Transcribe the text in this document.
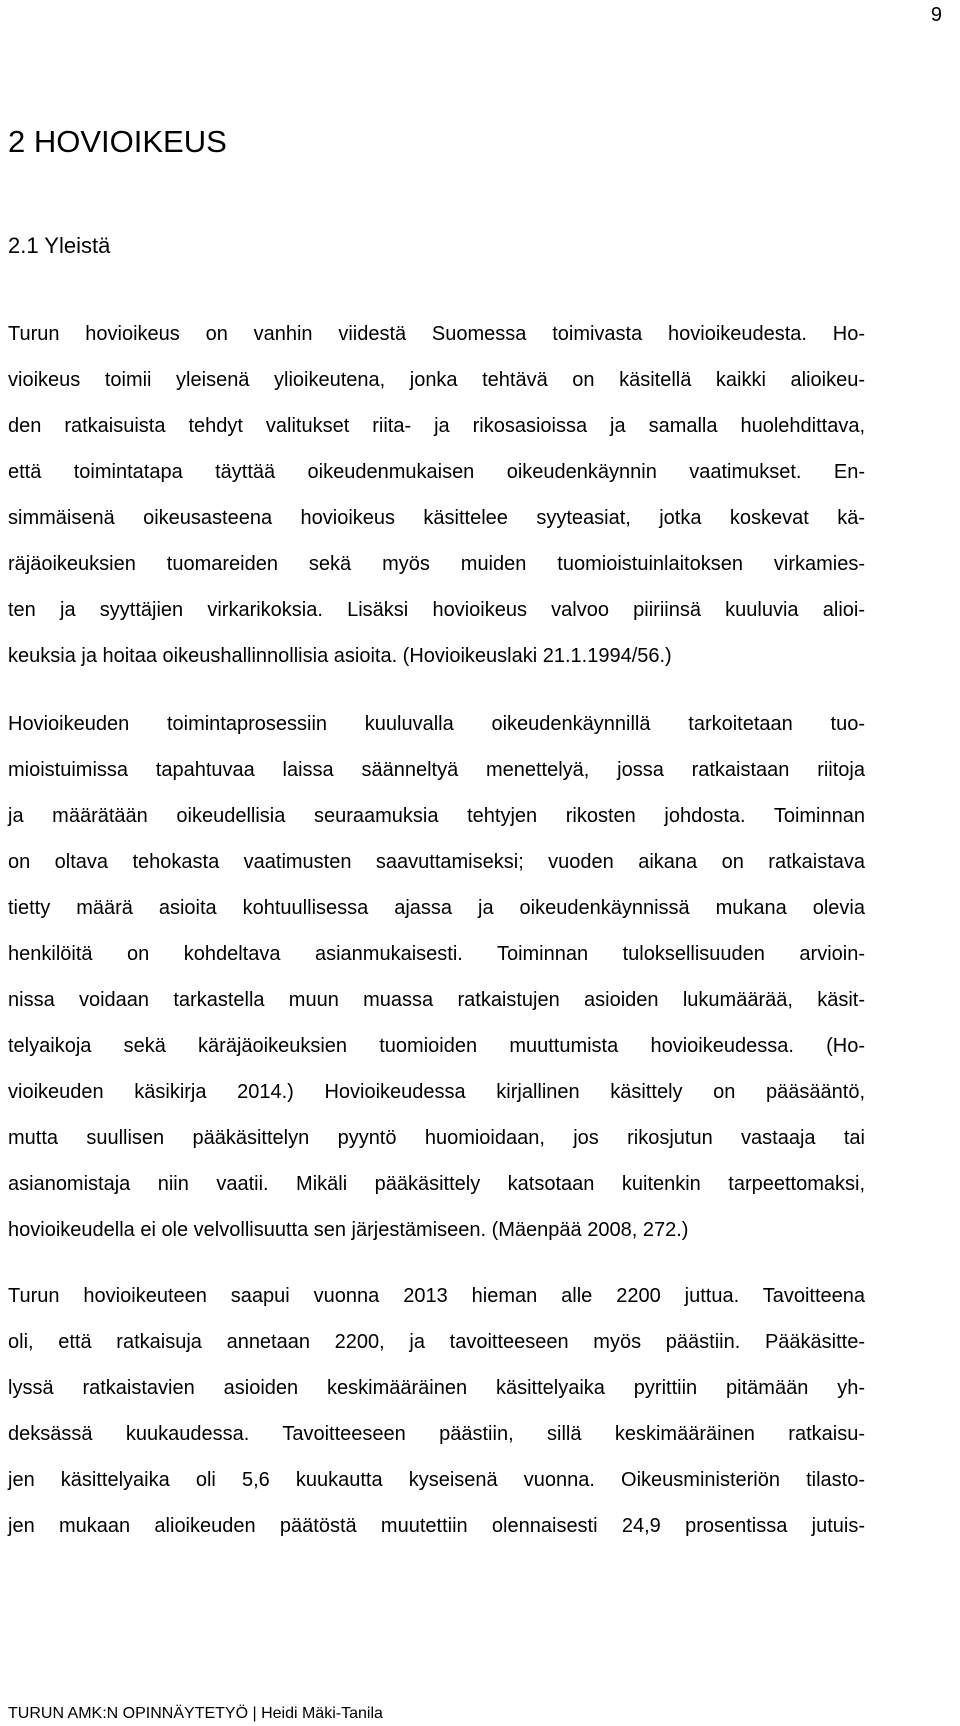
9
2 HOVIOIKEUS
2.1 Yleistä
Turun hovioikeus on vanhin viidestä Suomessa toimivasta hovioikeudesta. Ho-
vioikeus toimii yleisenä ylioikeutena, jonka tehtävä on käsitellä kaikki alioikeu-
den ratkaisuista tehdyt valitukset riita- ja rikosasioissa ja samalla huolehdittava,
että toimintatapa täyttää oikeudenmukaisen oikeudenkäynnin vaatimukset. En-
simmäisenä oikeusasteena hovioikeus käsittelee syyteasiat, jotka koskevat kä-
räjäoikeuksien tuomareiden sekä myös muiden tuomioistuinlaitoksen virkamies-
ten ja syyttäjien virkarikoksia. Lisäksi hovioikeus valvoo piiriinsä kuuluvia alioi-
keuksia ja hoitaa oikeushallinnollisia asioita. (Hovioikeuslaki 21.1.1994/56.)
Hovioikeuden toimintaprosessiin kuuluvalla oikeudenkäynnillä tarkoitetaan tuo-
mioistuimissa tapahtuvaa laissa säänneltyä menettelyä, jossa ratkaistaan riitoja
ja määrätään oikeudellisia seuraamuksia tehtyjen rikosten johdosta. Toiminnan
on oltava tehokasta vaatimusten saavuttamiseksi; vuoden aikana on ratkaistava
tietty määrä asioita kohtuullisessa ajassa ja oikeudenkäynnissä mukana olevia
henkilöitä on kohdeltava asianmukaisesti. Toiminnan tuloksellisuuden arvioin-
nissa voidaan tarkastella muun muassa ratkaistujen asioiden lukumäärää, käsit-
telyaikoja sekä käräjäoikeuksien tuomioiden muuttumista hovioikeudessa. (Ho-
vioikeuden käsikirja 2014.) Hovioikeudessa kirjallinen käsittely on pääsääntö,
mutta suullisen pääkäsittelyn pyyntö huomioidaan, jos rikosjutun vastaaja tai
asianomistaja niin vaatii. Mikäli pääkäsittely katsotaan kuitenkin tarpeettomaksi,
hovioikeudella ei ole velvollisuutta sen järjestämiseen. (Mäenpää 2008, 272.)
Turun hovioikeuteen saapui vuonna 2013 hieman alle 2200 juttua. Tavoitteena
oli, että ratkaisuja annetaan 2200, ja tavoitteeseen myös päästiin. Pääkäsitte-
lyssä ratkaistavien asioiden keskimääräinen käsittelyaika pyrittiin pitämään yh-
deksässä kuukaudessa. Tavoitteeseen päästiin, sillä keskimääräinen ratkaisu-
jen käsittelyaika oli 5,6 kuukautta kyseisenä vuonna. Oikeusministeriön tilasto-
jen mukaan alioikeuden päätöstä muutettiin olennaisesti 24,9 prosentissa jutuis-
TURUN AMK:N OPINNÄYTETYÖ | Heidi Mäki-Tanila
